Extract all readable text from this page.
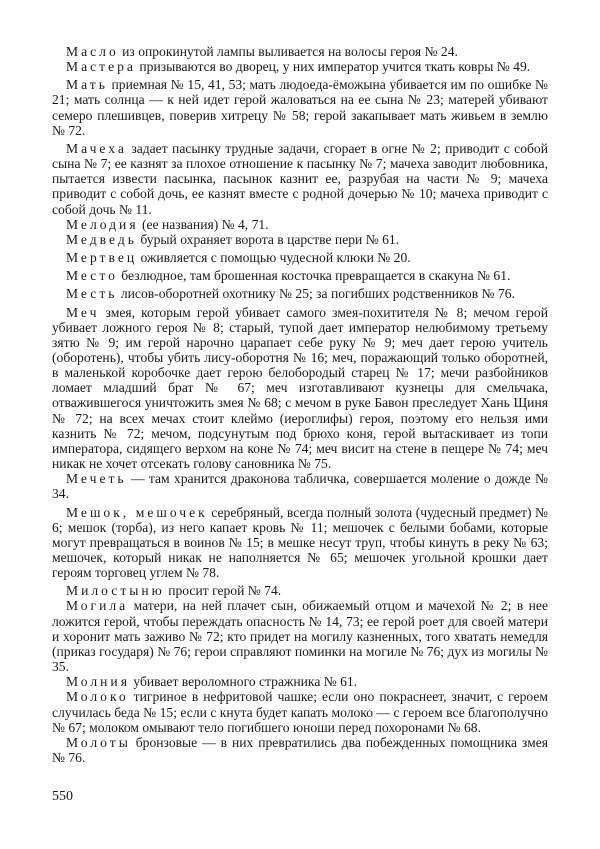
Масло из опрокинутой лампы выливается на волосы героя № 24.

Мастера призываются во дворец, у них император учится ткать ковры № 49.

Мать приемная № 15, 41, 53; мать людоеда-ёможына убивается им по ошибке № 21; мать солнца — к ней идет герой жаловаться на ее сына № 23; матерей убивают семеро плешивцев, поверив хитрецу № 58; герой закапывает мать живьем в землю № 72.

Мачеха задает пасынку трудные задачи, сгорает в огне № 2; приводит с собой сына № 7; ее казнят за плохое отношение к пасынку № 7; мачеха заводит любовника, пытается извести пасынка, пасынок казнит ее, разрубая на части № 9; мачеха приводит с собой дочь, ее казнят вместе с родной дочерью № 10; мачеха приводит с собой дочь № 11.

Мелодия (ее названия) № 4, 71.

Медведь бурый охраняет ворота в царстве пери № 61.

Мертвец оживляется с помощью чудесной клюки № 20.

Место безлюдное, там брошенная косточка превращается в скакуна № 61.

Месть лисов-оборотней охотнику № 25; за погибших родственников № 76.

Меч змея, которым герой убивает самого змея-похитителя № 8; мечом герой убивает ложного героя № 8; старый, тупой дает император нелюбимому третьему зятю № 9; им герой нарочно царапает себе руку № 9; меч дает герою учитель (оборотень), чтобы убить лису-оборотня № 16; меч, поражающий только оборотней, в маленькой коробочке дает герою белобородый старец № 17; мечи разбойников ломает младший брат № 67; меч изготавливают кузнецы для смельчака, отважившегося уничтожить змея № 68; с мечом в руке Бавон преследует Хань Щиня № 72; на всех мечах стоит клеймо (иероглифы) героя, поэтому его нельзя ими казнить № 72; мечом, подсунутым под брюхо коня, герой вытаскивает из топи императора, сидящего верхом на коне № 74; меч висит на стене в пещере № 74; меч никак не хочет отсекать голову сановника № 75.

Мечеть — там хранится драконова табличка, совершается моление о дожде № 34.

Мешок, мешочек серебряный, всегда полный золота (чудесный предмет) № 6; мешок (торба), из него капает кровь № 11; мешочек с белыми бобами, которые могут превращаться в воинов № 15; в мешке несут труп, чтобы кинуть в реку № 63; мешочек, который никак не наполняется № 65; мешочек угольной крошки дает героям торговец углем № 78.

Милостыню просит герой № 74.

Могила матери, на ней плачет сын, обижаемый отцом и мачехой № 2; в нее ложится герой, чтобы переждать опасность № 14, 73; ее герой роет для своей матери и хоронит мать заживо № 72; кто придет на могилу казненных, того хватать немедля (приказ государя) № 76; герои справляют поминки на могиле № 76; дух из могилы № 35.

Молния убивает вероломного стражника № 61.

Молоко тигриное в нефритовой чашке; если оно покраснеет, значит, с героем случилась беда № 15; если с кнута будет капать молоко — с героем все благополучно № 67; молоком омывают тело погибшего юноши перед похоронами № 68.

Молоты бронзовые — в них превратились два побежденных помощника змея № 76.

550
